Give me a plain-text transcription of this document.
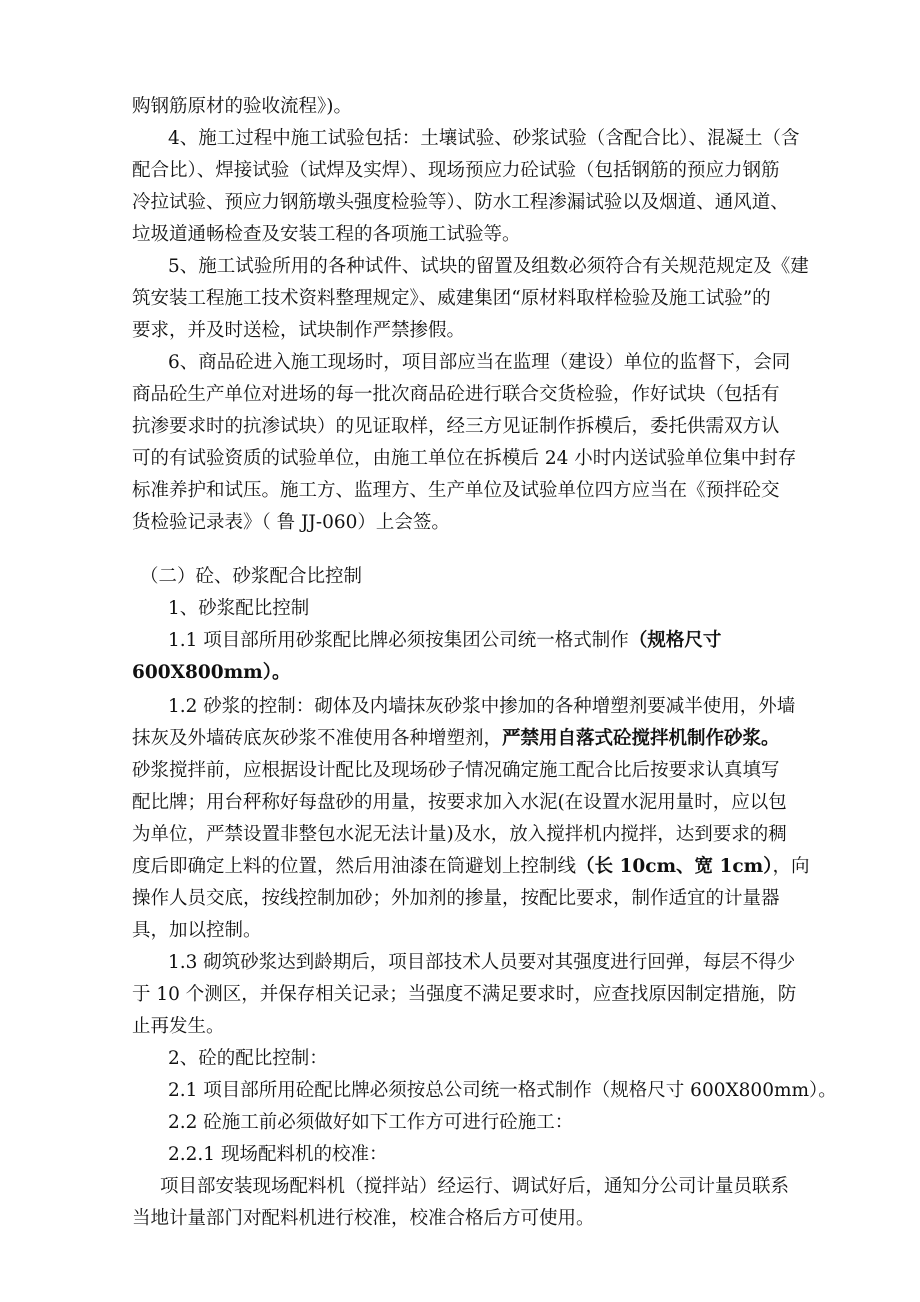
购钢筋原材的验收流程》)。
4、施工过程中施工试验包括：土壤试验、砂浆试验（含配合比）、混凝土（含
配合比）、焊接试验（试焊及实焊）、现场预应力砼试验（包括钢筋的预应力钢筋
冷拉试验、预应力钢筋墩头强度检验等）、防水工程渗漏试验以及烟道、通风道、
垃圾道通畅检查及安装工程的各项施工试验等。
5、施工试验所用的各种试件、试块的留置及组数必须符合有关规范规定及《建
筑安装工程施工技术资料整理规定》、威建集团“原材料取样检验及施工试验”的
要求，并及时送检，试块制作严禁掺假。
6、商品砼进入施工现场时，项目部应当在监理（建设）单位的监督下，会同
商品砼生产单位对进场的每一批次商品砼进行联合交货检验，作好试块（包括有
抗渗要求时的抗渗试块）的见证取样，经三方见证制作拆模后，委托供需双方认
可的有试验资质的试验单位，由施工单位在拆模后 24 小时内送试验单位集中封存
标准养护和试压。施工方、监理方、生产单位及试验单位四方应当在《预拌砼交
货检验记录表》（ 鲁 JJ-060）上会签。
（二）砼、砂浆配合比控制
1、砂浆配比控制
1.1 项目部所用砂浆配比牌必须按集团公司统一格式制作（规格尺寸
600X800mm）。
1.2 砂浆的控制：砌体及内墙抹灰砂浆中掺加的各种增塑剂要减半使用，外墙
抹灰及外墙砖底灰砂浆不准使用各种增塑剂，严禁用自落式砼搅拌机制作砂浆。
砂浆搅拌前，应根据设计配比及现场砂子情况确定施工配合比后按要求认真填写
配比牌；用台秤称好每盘砂的用量，按要求加入水泥(在设置水泥用量时，应以包
为单位，严禁设置非整包水泥无法计量)及水，放入搅拌机内搅拌，达到要求的稠
度后即确定上料的位置，然后用油漆在筒避划上控制线（长 10cm、宽 1cm），向
操作人员交底，按线控制加砂；外加剂的掺量，按配比要求，制作适宜的计量器
具，加以控制。
1.3 砌筑砂浆达到龄期后，项目部技术人员要对其强度进行回弹，每层不得少
于 10 个测区，并保存相关记录；当强度不满足要求时，应查找原因制定措施，防
止再发生。
2、砼的配比控制：
2.1 项目部所用砼配比牌必须按总公司统一格式制作（规格尺寸 600X800mm）。
2.2 砼施工前必须做好如下工作方可进行砼施工：
2.2.1 现场配料机的校准：
项目部安装现场配料机（搅拌站）经运行、调试好后，通知分公司计量员联系
当地计量部门对配料机进行校准，校准合格后方可使用。
